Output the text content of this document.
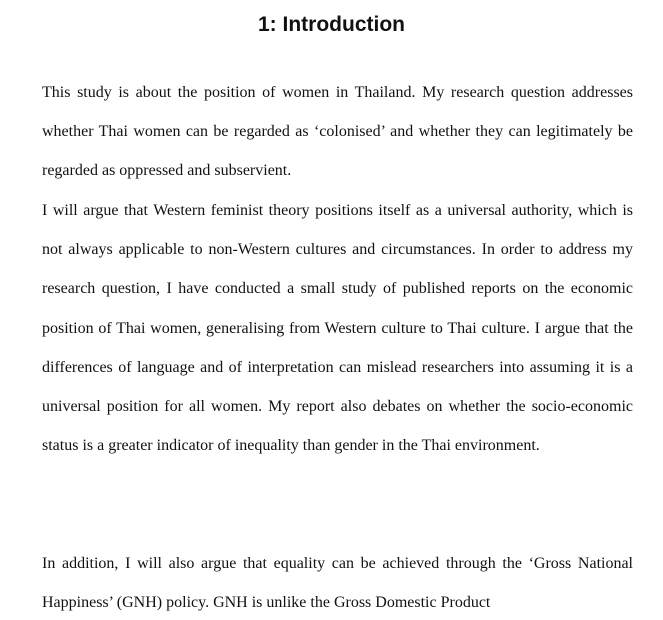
1: Introduction

This study is about the position of women in Thailand. My research question addresses whether Thai women can be regarded as ‘colonised’ and whether they can legitimately be regarded as oppressed and subservient.

I will argue that Western feminist theory positions itself as a universal authority, which is not always applicable to non-Western cultures and circumstances. In order to address my research question, I have conducted a small study of published reports on the economic position of Thai women, generalising from Western culture to Thai culture. I argue that the differences of language and of interpretation can mislead researchers into assuming it is a universal position for all women. My report also debates on whether the socio-economic status is a greater indicator of inequality than gender in the Thai environment.

In addition, I will also argue that equality can be achieved through the ‘Gross National Happiness’ (GNH) policy. GNH is unlike the Gross Domestic Product
